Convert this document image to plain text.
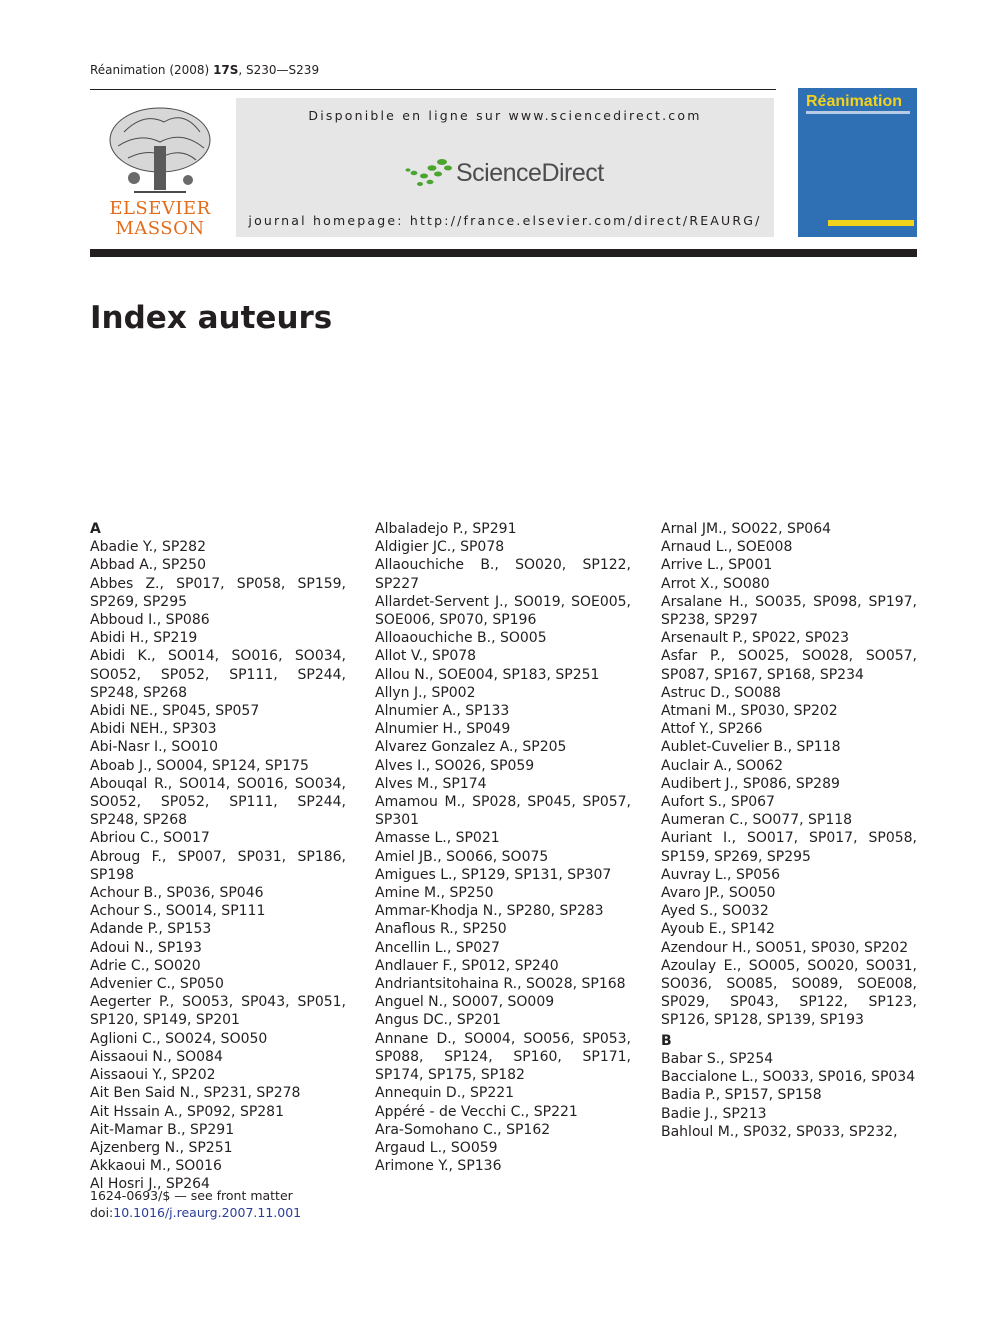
Réanimation (2008) 17S, S230—S239
ELSEVIER
MASSON
Disponible en ligne sur www.sciencedirect.com
ScienceDirect
journal homepage: http://france.elsevier.com/direct/REAURG/
Réanimation
Index auteurs
A
Abadie Y., SP282
Abbad A., SP250
Abbes Z., SP017, SP058, SP159, SP269, SP295
Abboud I., SP086
Abidi H., SP219
Abidi K., SO014, SO016, SO034, SO052, SP052, SP111, SP244, SP248, SP268
Abidi NE., SP045, SP057
Abidi NEH., SP303
Abi-Nasr I., SO010
Aboab J., SO004, SP124, SP175
Abouqal R., SO014, SO016, SO034, SO052, SP052, SP111, SP244, SP248, SP268
Abriou C., SO017
Abroug F., SP007, SP031, SP186, SP198
Achour B., SP036, SP046
Achour S., SO014, SP111
Adande P., SP153
Adoui N., SP193
Adrie C., SO020
Advenier C., SP050
Aegerter P., SO053, SP043, SP051, SP120, SP149, SP201
Aglioni C., SO024, SO050
Aissaoui N., SO084
Aissaoui Y., SP202
Ait Ben Said N., SP231, SP278
Ait Hssain A., SP092, SP281
Ait-Mamar B., SP291
Ajzenberg N., SP251
Akkaoui M., SO016
Al Hosri J., SP264
Albaladejo P., SP291
Aldigier JC., SP078
Allaouchiche B., SO020, SP122, SP227
Allardet-Servent J., SO019, SOE005, SOE006, SP070, SP196
Alloaouchiche B., SO005
Allot V., SP078
Allou N., SOE004, SP183, SP251
Allyn J., SP002
Alnumier A., SP133
Alnumier H., SP049
Alvarez Gonzalez A., SP205
Alves I., SO026, SP059
Alves M., SP174
Amamou M., SP028, SP045, SP057, SP301
Amasse L., SP021
Amiel JB., SO066, SO075
Amigues L., SP129, SP131, SP307
Amine M., SP250
Ammar-Khodja N., SP280, SP283
Anaflous R., SP250
Ancellin L., SP027
Andlauer F., SP012, SP240
Andriantsitohaina R., SO028, SP168
Anguel N., SO007, SO009
Angus DC., SP201
Annane D., SO004, SO056, SP053, SP088, SP124, SP160, SP171, SP174, SP175, SP182
Annequin D., SP221
Appéré - de Vecchi C., SP221
Ara-Somohano C., SP162
Argaud L., SO059
Arimone Y., SP136
Arnal JM., SO022, SP064
Arnaud L., SOE008
Arrive L., SP001
Arrot X., SO080
Arsalane H., SO035, SP098, SP197, SP238, SP297
Arsenault P., SP022, SP023
Asfar P., SO025, SO028, SO057, SP087, SP167, SP168, SP234
Astruc D., SO088
Atmani M., SP030, SP202
Attof Y., SP266
Aublet-Cuvelier B., SP118
Auclair A., SO062
Audibert J., SP086, SP289
Aufort S., SP067
Aumeran C., SO077, SP118
Auriant I., SO017, SP017, SP058, SP159, SP269, SP295
Auvray L., SP056
Avaro JP., SO050
Ayed S., SO032
Ayoub E., SP142
Azendour H., SO051, SP030, SP202
Azoulay E., SO005, SO020, SO031, SO036, SO085, SO089, SOE008, SP029, SP043, SP122, SP123, SP126, SP128, SP139, SP193
B
Babar S., SP254
Baccialone L., SO033, SP016, SP034
Badia P., SP157, SP158
Badie J., SP213
Bahloul M., SP032, SP033, SP232,
1624-0693/$ — see front matter
doi:10.1016/j.reaurg.2007.11.001
